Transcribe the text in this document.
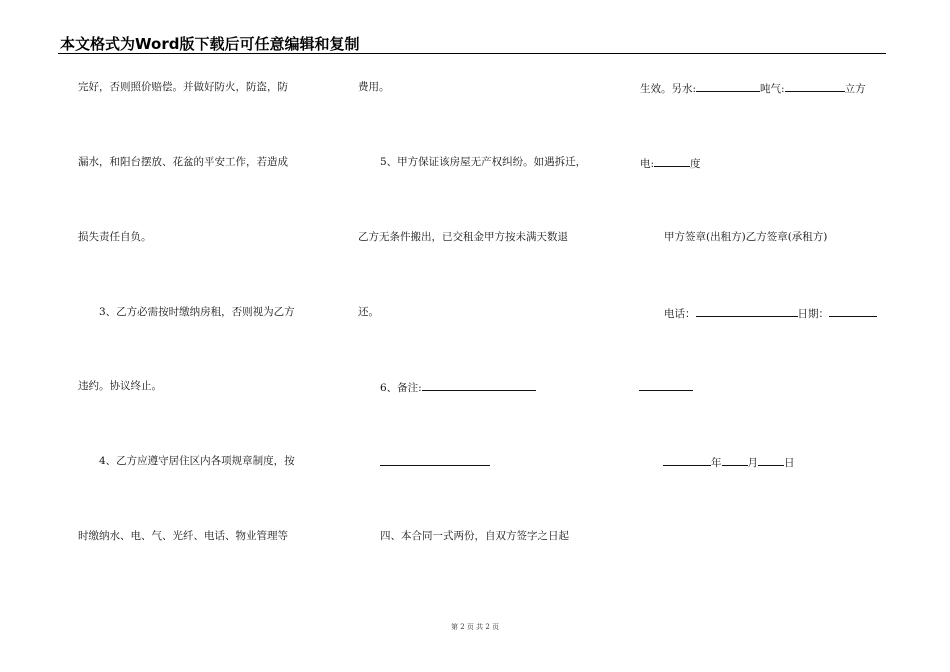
本文格式为Word版下载后可任意编辑和复制
完好，否则照价赔偿。并做好防火，防盗，防
漏水，和阳台摆放、花盆的平安工作，若造成
损失责任自负。
3、乙方必需按时缴纳房租，否则视为乙方
违约。协议终止。
4、乙方应遵守居住区内各项规章制度，按
时缴纳水、电、气、光纤、电话、物业管理等
费用。
5、甲方保证该房屋无产权纠纷。如遇拆迁，
乙方无条件搬出，已交租金甲方按未满天数退
还。
6、备注:
四、本合同一式两份，自双方签字之日起
生效。另水:	吨气:	立方
电:	度
甲方签章(出租方)乙方签章(承租方)
电话：	日期：
年 月 日
第 2 页 共 2 页
